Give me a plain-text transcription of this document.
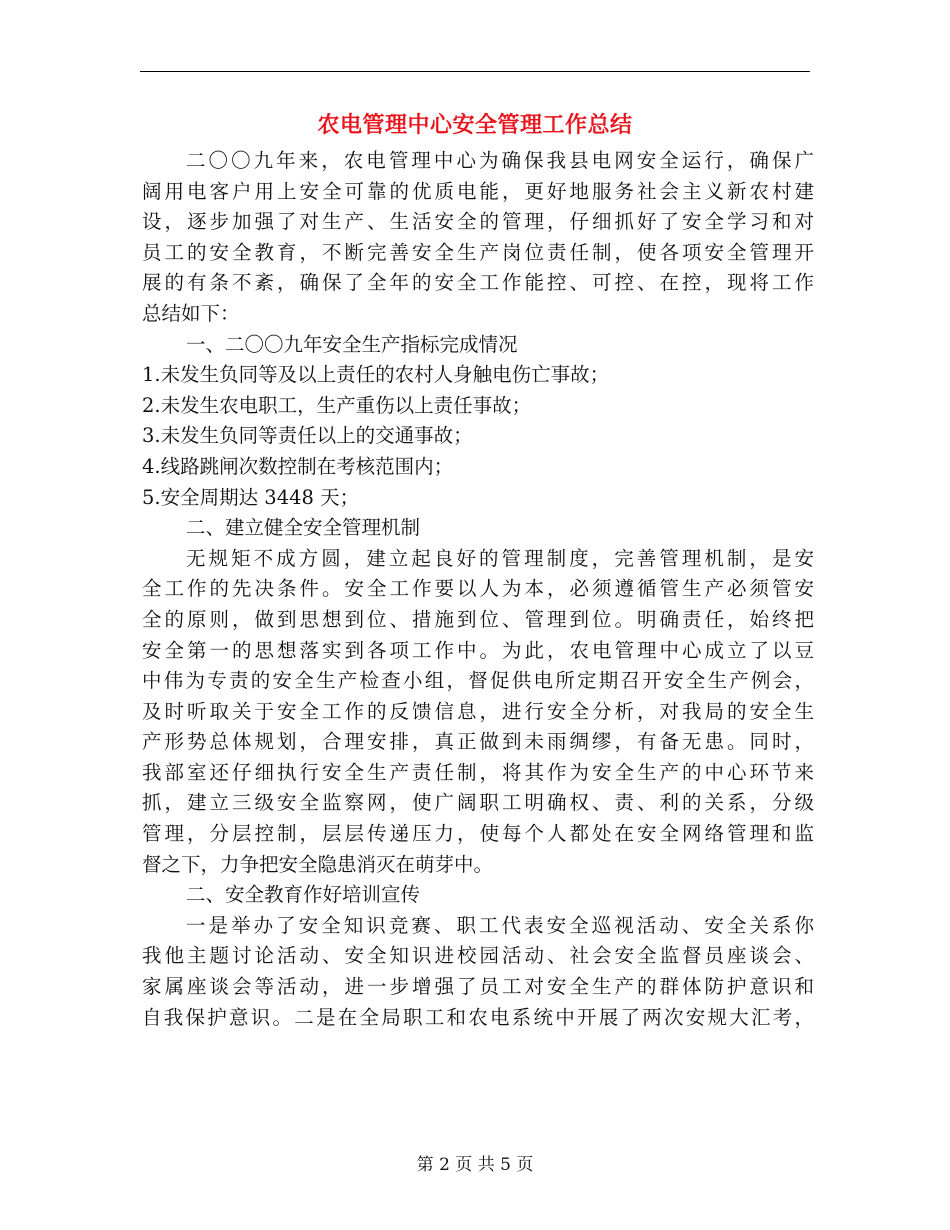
农电管理中心安全管理工作总结
二〇〇九年来，农电管理中心为确保我县电网安全运行，确保广
阔用电客户用上安全可靠的优质电能，更好地服务社会主义新农村建
设，逐步加强了对生产、生活安全的管理，仔细抓好了安全学习和对
员工的安全教育，不断完善安全生产岗位责任制，使各项安全管理开
展的有条不紊，确保了全年的安全工作能控、可控、在控，现将工作
总结如下：
一、二〇〇九年安全生产指标完成情况
1.未发生负同等及以上责任的农村人身触电伤亡事故；
2.未发生农电职工，生产重伤以上责任事故；
3.未发生负同等责任以上的交通事故；
4.线路跳闸次数控制在考核范围内；
5.安全周期达 3448 天；
二、建立健全安全管理机制
无规矩不成方圆，建立起良好的管理制度，完善管理机制，是安
全工作的先决条件。安全工作要以人为本，必须遵循管生产必须管安
全的原则，做到思想到位、措施到位、管理到位。明确责任，始终把
安全第一的思想落实到各项工作中。为此，农电管理中心成立了以豆
中伟为专责的安全生产检查小组，督促供电所定期召开安全生产例会，
及时听取关于安全工作的反馈信息，进行安全分析，对我局的安全生
产形势总体规划，合理安排，真正做到未雨绸缪，有备无患。同时，
我部室还仔细执行安全生产责任制，将其作为安全生产的中心环节来
抓，建立三级安全监察网，使广阔职工明确权、责、利的关系，分级
管理，分层控制，层层传递压力，使每个人都处在安全网络管理和监
督之下，力争把安全隐患消灭在萌芽中。
二、安全教育作好培训宣传
一是举办了安全知识竞赛、职工代表安全巡视活动、安全关系你
我他主题讨论活动、安全知识进校园活动、社会安全监督员座谈会、
家属座谈会等活动，进一步增强了员工对安全生产的群体防护意识和
自我保护意识。二是在全局职工和农电系统中开展了两次安规大汇考，
第 2 页 共 5 页
